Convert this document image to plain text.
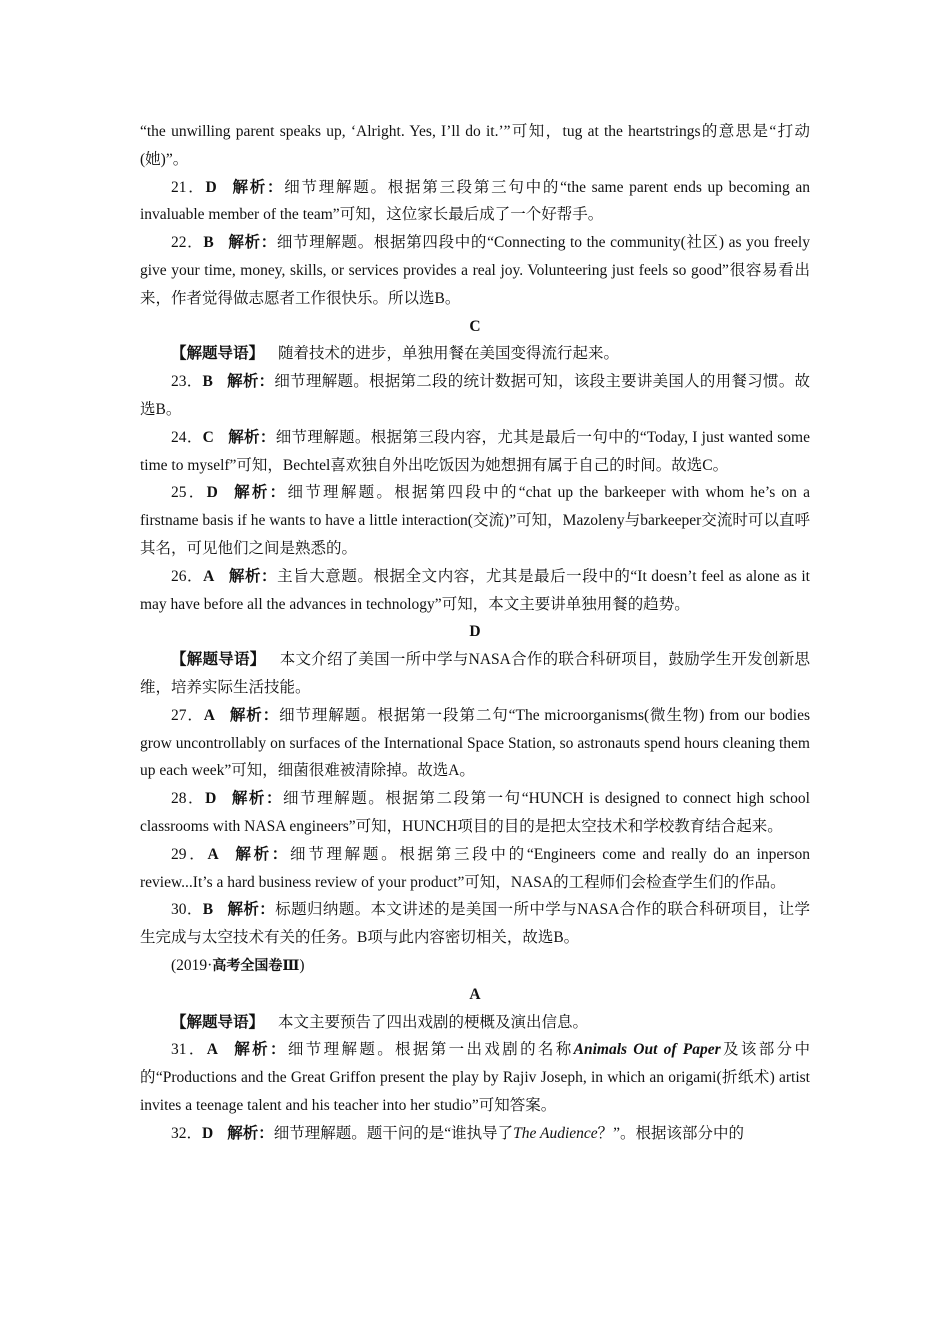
“the unwilling parent speaks up, ‘Alright. Yes, I’ll do it.’”可知，tug at the heartstrings的意思是“打动(她)”。

21．D 解析：细节理解题。根据第三段第三句中的“the same parent ends up becoming an invaluable member of the team”可知，这位家长最后成了一个好帮手。

22．B 解析：细节理解题。根据第四段中的“Connecting to the community(社区) as you freely give your time, money, skills, or services provides a real joy. Volunteering just feels so good”很容易看出来，作者觉得做志愿者工作很快乐。所以选B。

C

【解题导语】 随着技术的进步，单独用餐在美国变得流行起来。

23．B 解析：细节理解题。根据第二段的统计数据可知，该段主要讲美国人的用餐习惯。故选B。

24．C 解析：细节理解题。根据第三段内容，尤其是最后一句中的“Today, I just wanted some time to myself”可知，Bechtel喜欢独自外出吃饭因为她想拥有属于自己的时间。故选C。

25．D 解析：细节理解题。根据第四段中的“chat up the barkeeper with whom he’s on a firstname basis if he wants to have a little interaction(交流)”可知，Mazoleny与barkeeper交流时可以直呼其名，可见他们之间是熟悉的。

26．A 解析：主旨大意题。根据全文内容，尤其是最后一段中的“It doesn’t feel as alone as it may have before all the advances in technology”可知，本文主要讲单独用餐的趋势。

D

【解题导语】 本文介绍了美国一所中学与NASA合作的联合科研项目，鼓励学生开发创新思维，培养实际生活技能。

27．A 解析：细节理解题。根据第一段第二句“The microorganisms(微生物) from our bodies grow uncontrollably on surfaces of the International Space Station, so astronauts spend hours cleaning them up each week”可知，细菌很难被清除掉。故选A。

28．D 解析：细节理解题。根据第二段第一句“HUNCH is designed to connect high school classrooms with NASA engineers”可知，HUNCH项目的目的是把太空技术和学校教育结合起来。

29．A 解析：细节理解题。根据第三段中的“Engineers come and really do an inperson review...It’s a hard business review of your product”可知，NASA的工程师们会检查学生们的作品。

30．B 解析：标题归纳题。本文讲述的是美国一所中学与NASA合作的联合科研项目，让学生完成与太空技术有关的任务。B项与此内容密切相关，故选B。

(2019·高考全国卷Ⅲ)

A

【解题导语】 本文主要预告了四出戏剧的梗概及演出信息。

31．A 解析：细节理解题。根据第一出戏剧的名称Animals Out of Paper及该部分中的“Productions and the Great Griffon present the play by Rajiv Joseph, in which an origami(折纸术) artist invites a teenage talent and his teacher into her studio”可知答案。

32．D 解析：细节理解题。题干问的是“谁执导了The Audience？”。根据该部分中的
